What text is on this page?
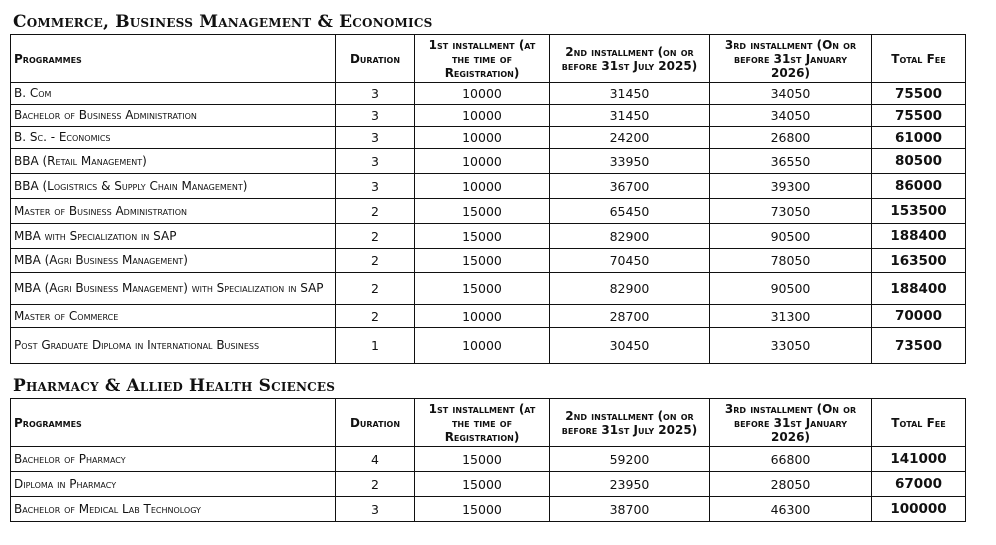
Commerce, Business Management & Economics
Programmes	Duration	1st installment (at the time of Registration)	2nd installment (on or before 31st July 2025)	3rd installment (On or before 31st January 2026)	Total Fee
B. Com	3	10000	31450	34050	75500
Bachelor of Business Administration	3	10000	31450	34050	75500
B. Sc. - Economics	3	10000	24200	26800	61000
BBA (Retail Management)	3	10000	33950	36550	80500
BBA (Logistrics & Supply Chain Management)	3	10000	36700	39300	86000
Master of Business Administration	2	15000	65450	73050	153500
MBA with Specialization in SAP	2	15000	82900	90500	188400
MBA (Agri Business Management)	2	15000	70450	78050	163500
MBA (Agri Business Management) with Specialization in SAP	2	15000	82900	90500	188400
Master of Commerce	2	10000	28700	31300	70000
Post Graduate Diploma in International Business	1	10000	30450	33050	73500
Pharmacy & Allied Health Sciences
Programmes	Duration	1st installment (at the time of Registration)	2nd installment (on or before 31st July 2025)	3rd installment (On or before 31st January 2026)	Total Fee
Bachelor of Pharmacy	4	15000	59200	66800	141000
Diploma in Pharmacy	2	15000	23950	28050	67000
Bachelor of Medical Lab Technology	3	15000	38700	46300	100000
